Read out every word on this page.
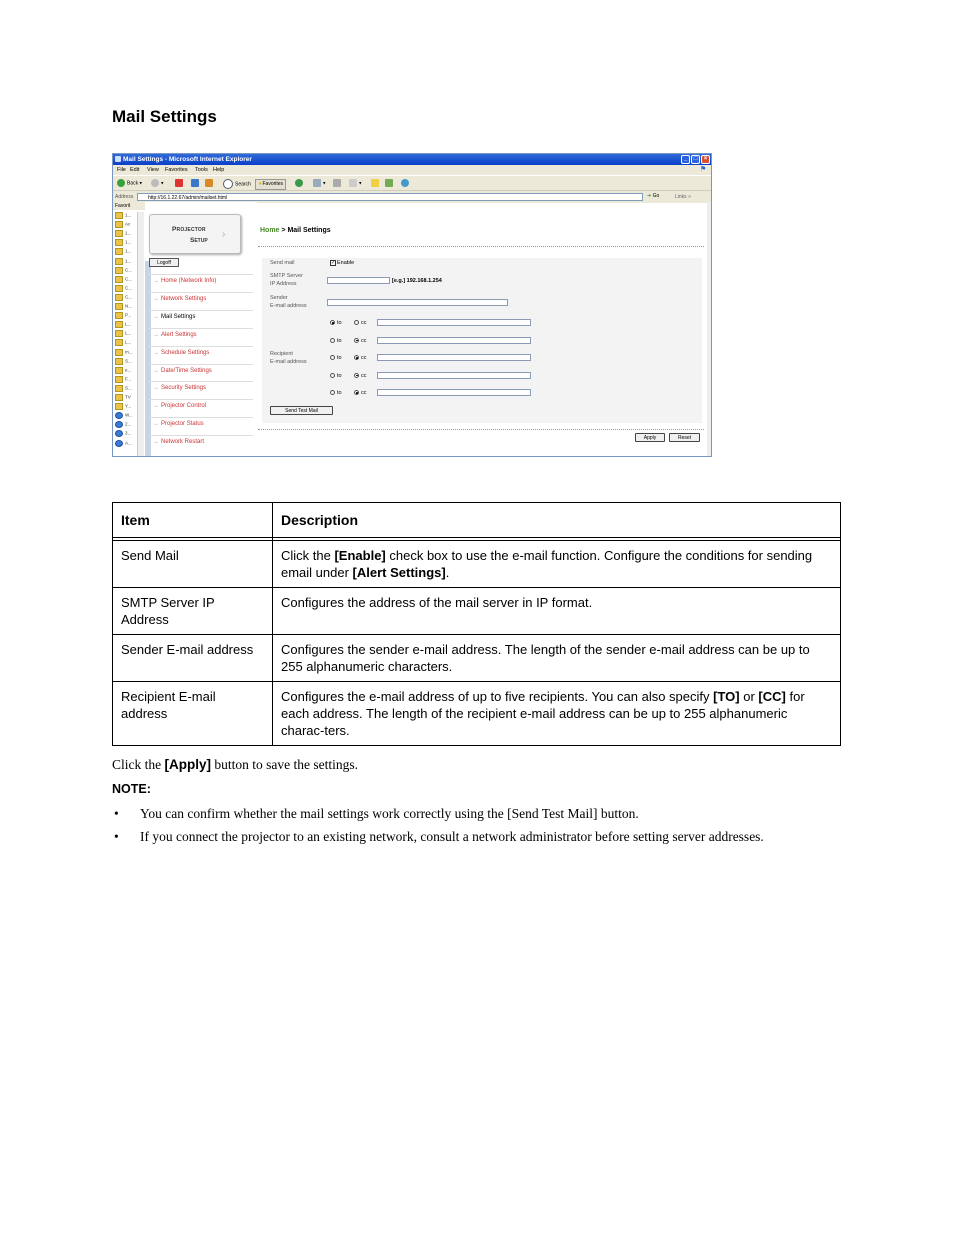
Mail Settings
Mail Settings - Microsoft Internet Explorer	_	□	×
File Edit View Favorites Tools Help	⚑
Back ▾	▾	Search	★Favorites	▾	▾
Address	http://16.1.22.67/admin/mailset.html	➜ Go	Links »
Favorit
Projector
Setup
›
Logoff
Home > Mail Settings
Send mail	✓ Enable
SMTP Server
IP Address	[e.g.] 192.168.1.254
Sender
E-mail address
Recipient
E-mail address
Send Test Mail
Apply	Reset
1...
Ac
1...
1...
1...
1...
C...
C...
C...
C...
N...
P...
L...
L...
L...
m...
S...
e...
F...
S...
TV
Y...
W...
2...
3...
A...
→ Home (Network Info)
→ Network Settings
→ Mail Settings
→ Alert Settings
→ Schedule Settings
→ Date/Time Settings
→ Security Settings
→ Projector Control
→ Projector Status
→ Network Restart
to	cc
to	cc
to	cc
to	cc
to	cc
Item	Description

Send Mail	Click the [Enable] check box to use the e-mail function. Configure the conditions for sending email under [Alert Settings].
SMTP Server IP Address	Configures the address of the mail server in IP format.
Sender E-mail address	Configures the sender e-mail address. The length of the sender e-mail address can be up to 255 alphanumeric characters.
Recipient E-mail address	Configures the e-mail address of up to five recipients. You can also specify [TO] or [CC] for each address. The length of the recipient e-mail address can be up to 255 alphanumeric charac-ters.
Click the [Apply] button to save the settings.
NOTE:
• You can confirm whether the mail settings work correctly using the [Send Test Mail] button.
• If you connect the projector to an existing network, consult a network administrator before setting server addresses.
